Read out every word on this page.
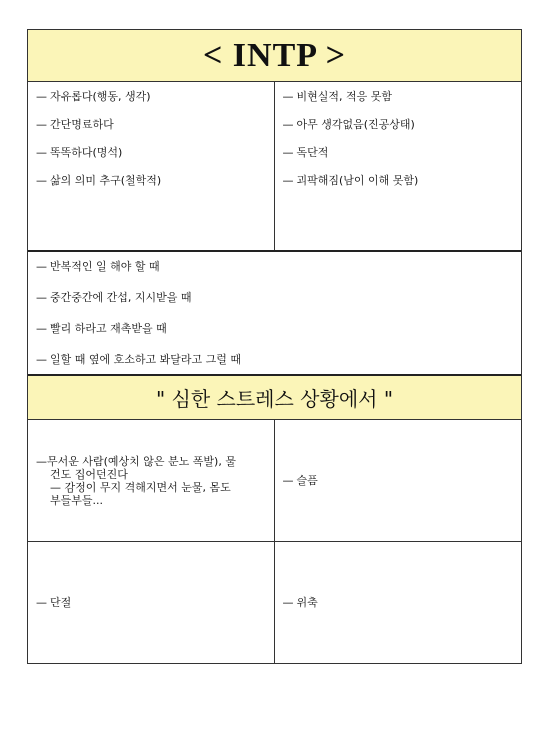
< INTP >
— 자유롭다(행동, 생각)
— 간단명료하다
— 똑똑하다(명석)
— 삶의 의미 추구(철학적)
— 비현실적, 적응 못함
— 아무 생각없음(진공상태)
— 독단적
— 괴팍해짐(남이 이해 못함)
— 반복적인 일 해야 할 때
— 중간중간에 간섭, 지시받을 때
— 빨리 하라고 재촉받을 때
— 일할 때 옆에 호소하고 봐달라고 그럴 때
" 심한 스트레스 상황에서 "
—무서운 사람(예상치 않은 분노 폭발), 물
건도 집어던진다
— 감정이 무지 격해지면서 눈물, 몸도
부들부들...
— 슬픔
— 단절	— 위축
